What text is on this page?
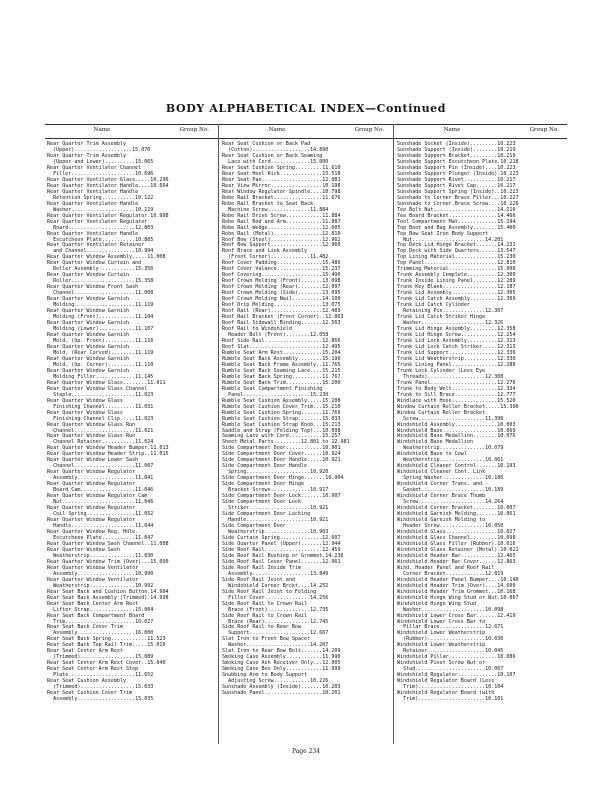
BODY ALPHABETICAL INDEX—Continued
Name	Group No.	Name	Group No.	Name	Group No.
Rear Quarter Trim Assembly
(Upper)...................15.070
Rear Quarter Trim Assembly
(Upper and Lower)..........15.065
Rear Quarter Ventilator Channel
Filler.....................10.696
Rear Quarter Ventilator Glass.....10.296
Rear Quarter Ventilator Handle....10.664
Rear Quarter Ventilator Handle
Retention Spring...........10.122
Rear Quarter Ventilator Handle
Washer.....................10.119
Rear Quarter Ventilator Regulator.10.998
Rear Quarter Ventilator Regulator
Board......................12.803
Rear Quarter Ventilator Handle
Escutcheon Plate...........10.805
Rear Quarter Ventilator Retainer
and Channel................10.994
Rear Quarter Window Assembly.....11.008
Rear Quarter Window Curtain and
Roller Assembly............15.356
Rear Quarter Window Curtain
Roller.....................15.358
Rear Quarter Window Front Sash
Channel....................11.008
Rear Quarter Window Garnish
Molding....................11.119
Rear Quarter Window Garnish
Molding (Front)............11.104
Rear Quarter Window Garnish
Molding (Lower)............11.107
Rear Quarter Window Garnish
Mold. (Up. Front)..........11.116
Rear Quarter Window Garnish
Mold. (Rear Curved)........11.119
Rear Quarter Window Garnish
Mold. (Up. Corner).........11.110
Rear Quarter Window Garnish
Molding Filler.............11.145
Rear Quarter Window Glass........11.011
Rear Quarter Window Glass Channel
Staple.....................11.023
Rear Quarter Window Glass
Finishing Channel..........11.031
Rear Quarter Window Glass
Finishing Channel Clip.....11.023
Rear Quarter Window Glass Run
Channel....................11.021
Rear Quarter Window Glass Run
Channel Retainer...........11.024
Rear Quarter Window Header Bumper.11.013
Rear Quarter Window Header Strip..11.015
Rear Quarter Window Lower Sash
Channel....................11.007
Rear Quarter Window Regulator
Assembly...................11.041
Rear Quarter Window Regulator
Board Cam..................11.046
Rear Quarter Window Regulator Cam
Nut........................11.046
Rear Quarter Window Regulator
Coil Spring................11.052
Rear Quarter Window Regulator
Handle.....................11.044
Rear Quarter Window Reg. Hdle.
Escutcheon Plate...........11.047
Rear Quarter Window Sash Channel..11.008
Rear Quarter Window Sash
Weatherstrip...............11.030
Rear Quarter Window Trim (Over)...15.090
Rear Quarter Window Ventilator
Assembly...................10.990
Rear Quarter Window Ventilator
Weatherstrip...............10.992
Rear Seat Back and Cushion Button.14.904
Rear Seat Back Assembly (Trimmed).14.998
Rear Seat Back Center Arm Rest
Lifter Strap...............15.004
Rear Seat Back Compartment Board
Trim.......................16.027
Rear Seat Back Cover Trim
Assembly...................16.000
Rear Seat Back Spring............11.523
Rear Seat Back Top Rail Trim.....15.010
Rear Seat Center Arm Rest
(Trimmed)..................15.089
Rear Seat Center Arm Rest Cover..15.040
Rear Seat Center Arm Rest Stop
Plate......................11.652
Rear Seat Cushion Assembly
(Trimmed)..................15.033
Rear Seat Cushion Cover Trim
Assembly...................15.035
Rear Seat Cushion or Back Pad
(Cotton)...................14.890
Rear Seat Cushion or Back Seaming
Lace with Cord.............15.000
Rear Seat Cushion Spring.........11.610
Rear Seat Heel Kick..............15.518
Rear Seat Pan....................12.981
Rear View Mirror.................10.198
Rear Window Regulator Spindle....10.798
Robe Rail Bracket................11.676
Robe Rail Bracket to Seat Back
Machine Screw..............11.884
Robe Rail Drive Screw............11.884
Robe Rail Rod and Arm............11.887
Robe Rail Wedge..................12.605
Robe Rail (Metal)................12.810
Roof Bow (Steel).................12.962
Roof Bow Support.................12.960
Roof Brace and Link Assembly
(Front Corner).............11.482
Roof Cover Padding...............15.486
Roof Cover Valance...............15.237
Roof Covering....................15.490
Roof Crown Molding (Front).......13.098
Roof Crown Molding (Rear)........12.097
Roof Crown Molding (Side)........13.095
Roof Crown Molding Nail..........14.100
Roof Drip Molding................13.075
Roof Rail (Rear).................12.489
Roof Rail Bracket (Front Corner)..12.863
Roof Rail Sidewall Binding.......12.563
Roof Rail to Windshield
Header Bolt (Front)........12.058
Roof Side Rail...................12.866
Roof Slat........................12.495
Rumble Seat Arm Rest.............15.204
Rumble Seat Back Assembly........15.196
Rumble Seat Back Frame Assembly..11.765
Rumble Seat Back Seaming Lace....15.215
Rumble Seat Back Spring..........11.767
Rumble Seat Back Trim............15.200
Rumble Seat Compartment Finishing
Panel......................15.230
Rumble Seat Cushion Assembly.....15.208
Rumble Seat Cushion Cover Trim...15.210
Rumble Seat Cushion Spring.......11.769
Rumble Seat Cushion Strap........15.033
Rumble Seat Cushion Strap Knob...15.213
Saddle and Strap (Folding Top)...10.098
Seaming Lace with Cord...........15.257
Sheet Metal Parts.........12.801 to 12.981
Side Compartment Door............10.901
Side Compartment Door Cover......10.924
Side Compartment Door Handle.....10.921
Side Compartment Door Handle
Spring.....................10.920
Side Compartment Door Hinge.......10.904
Side Compartment Door Hinge
Bracket Screws.............10.917
Side Compartment Door Lock.......10.907
Side Compartment Door Lock
Striker....................10.921
Side Compartment Door Locking
Handle.....................10.921
Side Compartment Door
Weatherstrip...............10.903
Side Curtain Spring..............12.607
Side Quarter Panel (Upper).......12.944
Side Roof Rail...................12.459
Side Roof Rail Bushing or Grommet.14.236
Side Roof Rail Cover Panel.......12.961
Side Roof Rail Inside Trim
Assembly...................13.849
Side Roof Rail Joint and
Windshield Corner Brckt....14.252
Side Roof Rail Joint to Folding
Filler Cover...............14.256
Side Roof Rail to Crown Rail
Brace (Front)..............12.735
Side Roof Rail to Crown Rail
Brace (Rear)...............12.745
Side Roof Rail to Rear Bow
Support....................12.667
Slat Iron to Front Bow Spacer
Washer.....................14.207
Slat Iron to Rear Bow Bolt.......14.209
Smoking Case Assembly............11.990
Smoking Case Ash Receiver Only...12.005
Smoking Case Box Only............11.999
Snubbing Arm to Body Support
Adjusting Screw............10.226
Sunshade Assembly (Inside).......10.203
Sunshade Panel...................10.201
Sunshade Socket (Inside).........10.223
Sunshade Support (Inside)........10.219
Sunshade Support Bracket.........10.219
Sunshade Support Escutcheon Plate.10.218
Sunshade Support Pin (Inside)....10.223
Sunshade Support Plunger (Inside).10.223
Sunshade Support Rivet...........10.217
Sunshade Support Rivet Cap.......10.217
Sunshade Support Spring (Inside)..10.223
Sunshade to Corner Brace Filler...10.227
Sunshade to Corner Brace Screw....10.226
Tee Bolt Nut.....................14.210
Tee Board Bracket................14.466
Tool Compartment Mat.............15.294
Top Boot and Bag Assembly........15.400
Top Bow Seat Iron Body Support
Nut........................14.201
Top Deck Lid Hinge Bracket.......14.231
Top Deck with Side Quarters......13.547
Top Lining Material..............15.230
Top Panel........................12.810
Trimming Material................15.000
Trunk Assembly Complete..........12.300
Trunk Inside Lining Panel........12.289
Trunk Key Blank..................12.187
Trunk Lid Assembly...............12.305
Trunk Lid Catch Assembly.........12.309
Trunk Lid Catch Cylinder
Retaining Pin..............12.307
Trunk Lid Catch Striker Hinge
Washer.....................12.326
Trunk Lid Hinge Assembly.........12.358
Trunk Lid Hinge Screw............12.254
Trunk Lid Lock Assembly..........12.313
Trunk Lid Lock Catch Striker.....12.313
Trunk Lid Support................12.336
Trunk Lid Weatherstrip...........12.330
Trunk Lining Panel...............12.288
Trunk Lock Cylinder (Less Eye
Threads)...................12.308
Trunk Panel......................12.276
Trunk to Body Welt...............12.334
Trunk to Sill Brace..............12.777
Windlace with Hose...............15.520
Window Curtain Roller Bracket.....15.396
Window Curtain Roller Bracket
Screw......................11.398
Windshield Assembly..............10.003
Windshield Base..................10.069
Windshield Base Medallion........10.076
Windshield Base Medallion
Weatherstrip...............10.079
Windshield Base to Cowl
Weatherstrip...............10.061
Windshield Cleaner Control.......10.193
Windshield Cleaner Cont. Link
Spring Washer..............10.186
Windshield Corner Trans. and
Gasket.....................10.189
Windshield Corner Brace Thumb
Screw......................14.264
Windshield Corner Bracket........10.007
Windshield Garnish Molding.......10.061
Windshield Garnish Molding to
Header Screw...............10.050
Windshield Glass.................10.027
Windshield Glass Channel.........10.098
Windshield Glass Filler (Rubber).10.016
Windshield Glass Retainer (Metal).10.021
Windshield Header Bar............12.465
Windshield Header Bar Cover......12.863
Wind. Header Panel and Roof Rail
Corner Bracket.............12.819
Windshield Header Panel Bumper....10.140
Windshield Header Trim (Over)....14.600
Windshield Header Trim Grommet...10.168
Windshield Hinge Wing Stud or Nut.10.067
Windshield Hinge Wing Stud
Washer.....................10.098
Windshield Lower Cross Bar.......12.419
Windshield Lower Cross Bar to
Pillar Brace...............12.671
Windshield Lower Weatherstrip
(Rubber)...................10.030
Windshield Lower Weatherstrip
Retainer...................10.045
Windshield Pillar................10.086
Windshield Pivot Screw Nut or
Stud.......................10.067
Windshield Regulator.............10.107
Windshield Regulator Board (Less
Trim)......................10.104
Windshield Regulator Board (with
Trim)......................10.101
Page 234
